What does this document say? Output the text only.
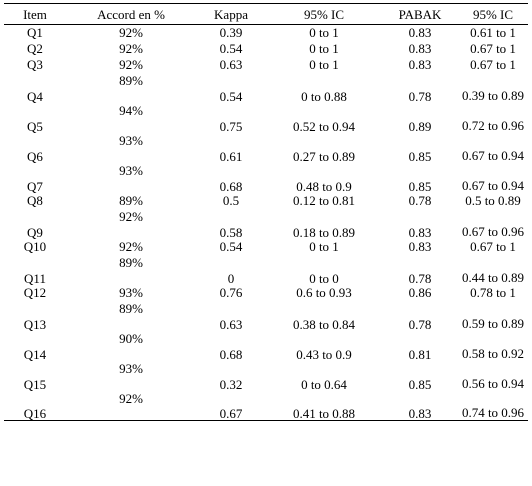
Item	Accord en %	Kappa	95% IC	PABAK	95% IC
Q1	92%	0.39	0 to 1	0.83	0.61 to 1
Q2	92%	0.54	0 to 1	0.83	0.67 to 1
Q3	92%	0.63	0 to 1	0.83	0.67 to 1
Q4	89%	0.54	0 to 0.88	0.78	0.39 to 0.89
Q5	94%	0.75	0.52 to 0.94	0.89	0.72 to 0.96
Q6	93%	0.61	0.27 to 0.89	0.85	0.67 to 0.94
Q7	93%	0.68	0.48 to 0.9	0.85	0.67 to 0.94
Q8	89%	0.5	0.12 to 0.81	0.78	0.5 to 0.89
Q9	92%	0.58	0.18 to 0.89	0.83	0.67 to 0.96
Q10	92%	0.54	0 to 1	0.83	0.67 to 1
Q11	89%	0	0 to 0	0.78	0.44 to 0.89
Q12	93%	0.76	0.6 to 0.93	0.86	0.78 to 1
Q13	89%	0.63	0.38 to 0.84	0.78	0.59 to 0.89
Q14	90%	0.68	0.43 to 0.9	0.81	0.58 to 0.92
Q15	93%	0.32	0 to 0.64	0.85	0.56 to 0.94
Q16	92%	0.67	0.41 to 0.88	0.83	0.74 to 0.96
